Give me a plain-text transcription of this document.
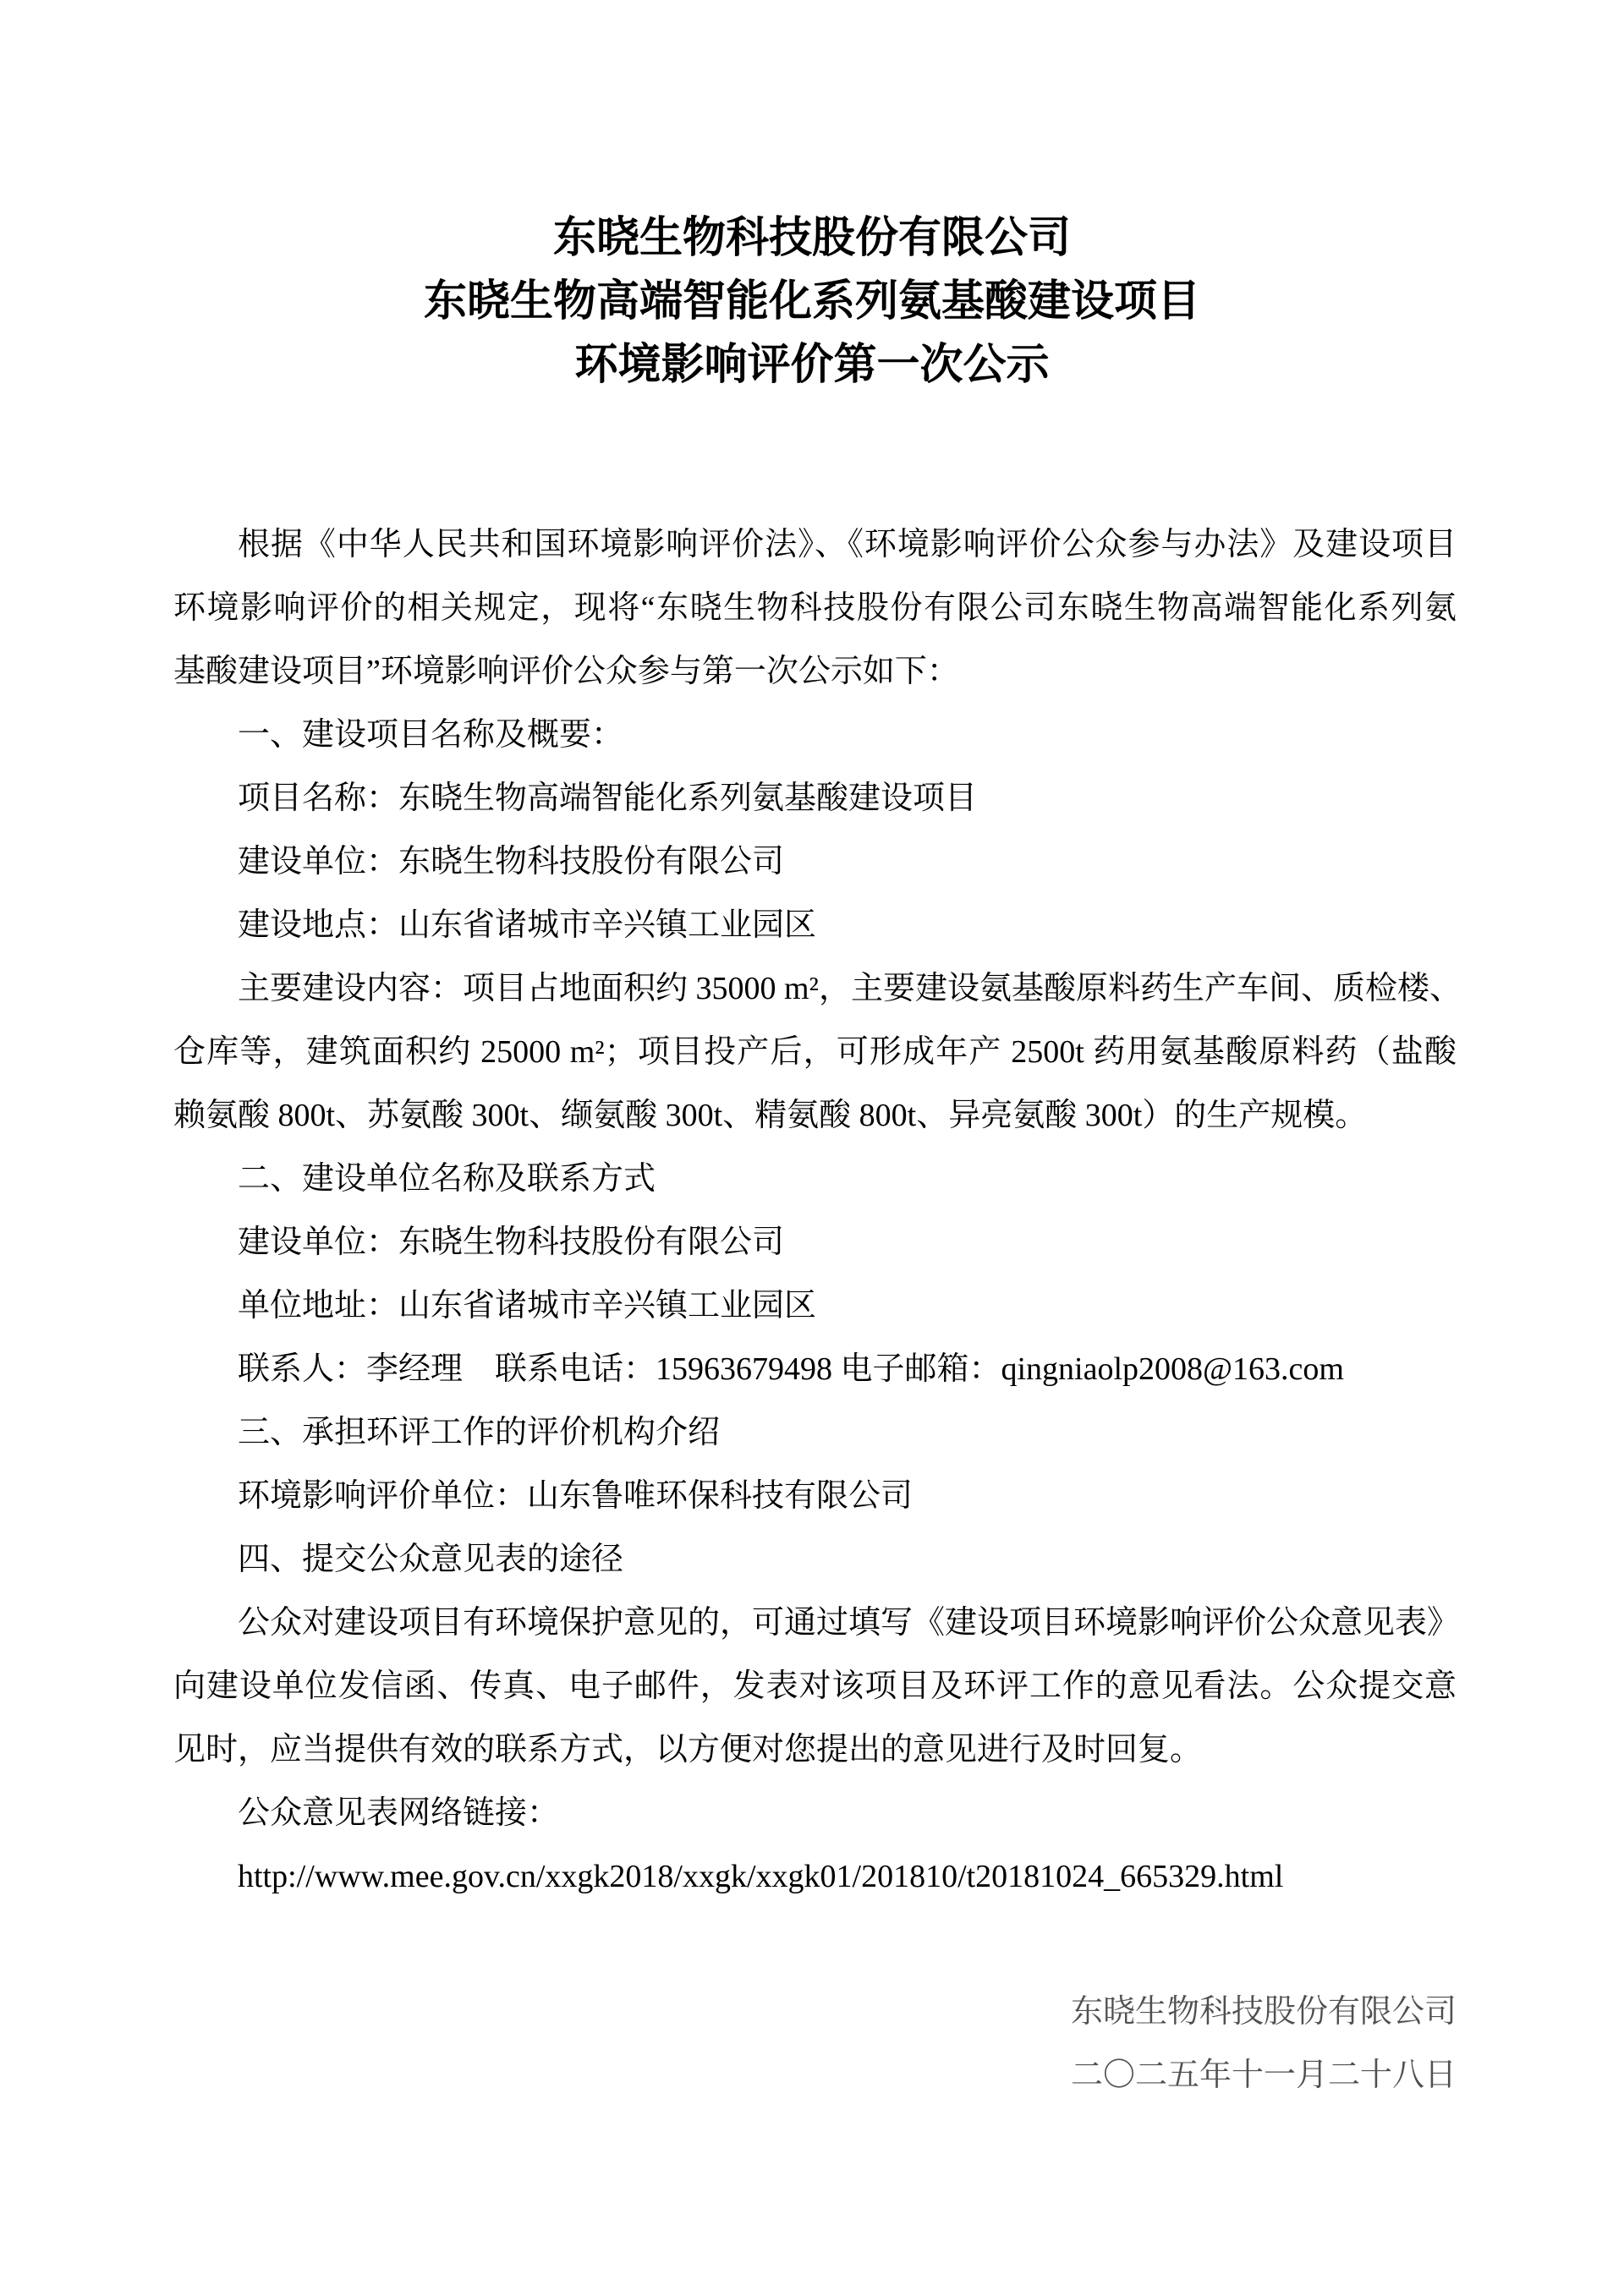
东晓生物科技股份有限公司
东晓生物高端智能化系列氨基酸建设项目
环境影响评价第一次公示
根据《中华人民共和国环境影响评价法》、《环境影响评价公众参与办法》及建设项目
环境影响评价的相关规定，现将“东晓生物科技股份有限公司东晓生物高端智能化系列氨
基酸建设项目”环境影响评价公众参与第一次公示如下：
一、建设项目名称及概要：
项目名称：东晓生物高端智能化系列氨基酸建设项目
建设单位：东晓生物科技股份有限公司
建设地点：山东省诸城市辛兴镇工业园区
主要建设内容：项目占地面积约 35000 m²，主要建设氨基酸原料药生产车间、质检楼、
仓库等，建筑面积约 25000 m²；项目投产后，可形成年产 2500t 药用氨基酸原料药（盐酸
赖氨酸 800t、苏氨酸 300t、缬氨酸 300t、精氨酸 800t、异亮氨酸 300t）的生产规模。
二、建设单位名称及联系方式
建设单位：东晓生物科技股份有限公司
单位地址：山东省诸城市辛兴镇工业园区
联系人：李经理　联系电话：15963679498 电子邮箱：qingniaolp2008@163.com
三、承担环评工作的评价机构介绍
环境影响评价单位：山东鲁唯环保科技有限公司
四、提交公众意见表的途径
公众对建设项目有环境保护意见的，可通过填写《建设项目环境影响评价公众意见表》
向建设单位发信函、传真、电子邮件，发表对该项目及环评工作的意见看法。公众提交意
见时，应当提供有效的联系方式，以方便对您提出的意见进行及时回复。
公众意见表网络链接：
http://www.mee.gov.cn/xxgk2018/xxgk/xxgk01/201810/t20181024_665329.html
东晓生物科技股份有限公司
二〇二五年十一月二十八日
